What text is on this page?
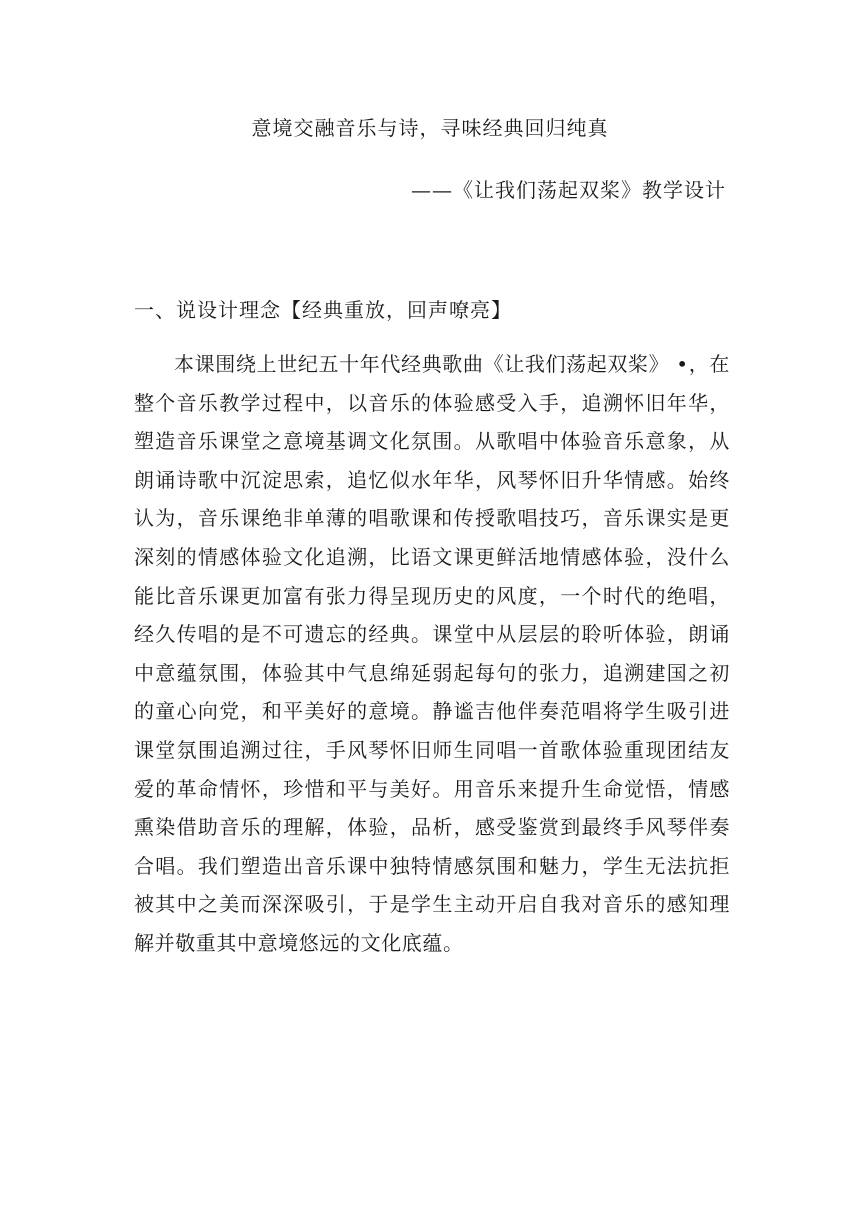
意境交融音乐与诗，寻味经典回归纯真
——《让我们荡起双桨》教学设计
一、说设计理念【经典重放，回声嘹亮】

本课围绕上世纪五十年代经典歌曲《让我们荡起双桨》 •，在整个音乐教学过程中，以音乐的体验感受入手，追溯怀旧年华，塑造音乐课堂之意境基调文化氛围。从歌唱中体验音乐意象，从朗诵诗歌中沉淀思索，追忆似水年华，风琴怀旧升华情感。始终认为，音乐课绝非单薄的唱歌课和传授歌唱技巧，音乐课实是更深刻的情感体验文化追溯，比语文课更鲜活地情感体验，没什么能比音乐课更加富有张力得呈现历史的风度，一个时代的绝唱，经久传唱的是不可遗忘的经典。课堂中从层层的聆听体验，朗诵中意蕴氛围，体验其中气息绵延弱起每句的张力，追溯建国之初的童心向党，和平美好的意境。静谧吉他伴奏范唱将学生吸引进课堂氛围追溯过往，手风琴怀旧师生同唱一首歌体验重现团结友爱的革命情怀，珍惜和平与美好。用音乐来提升生命觉悟，情感熏染借助音乐的理解，体验，品析，感受鉴赏到最终手风琴伴奏合唱。我们塑造出音乐课中独特情感氛围和魅力，学生无法抗拒被其中之美而深深吸引，于是学生主动开启自我对音乐的感知理解并敬重其中意境悠远的文化底蕴。
